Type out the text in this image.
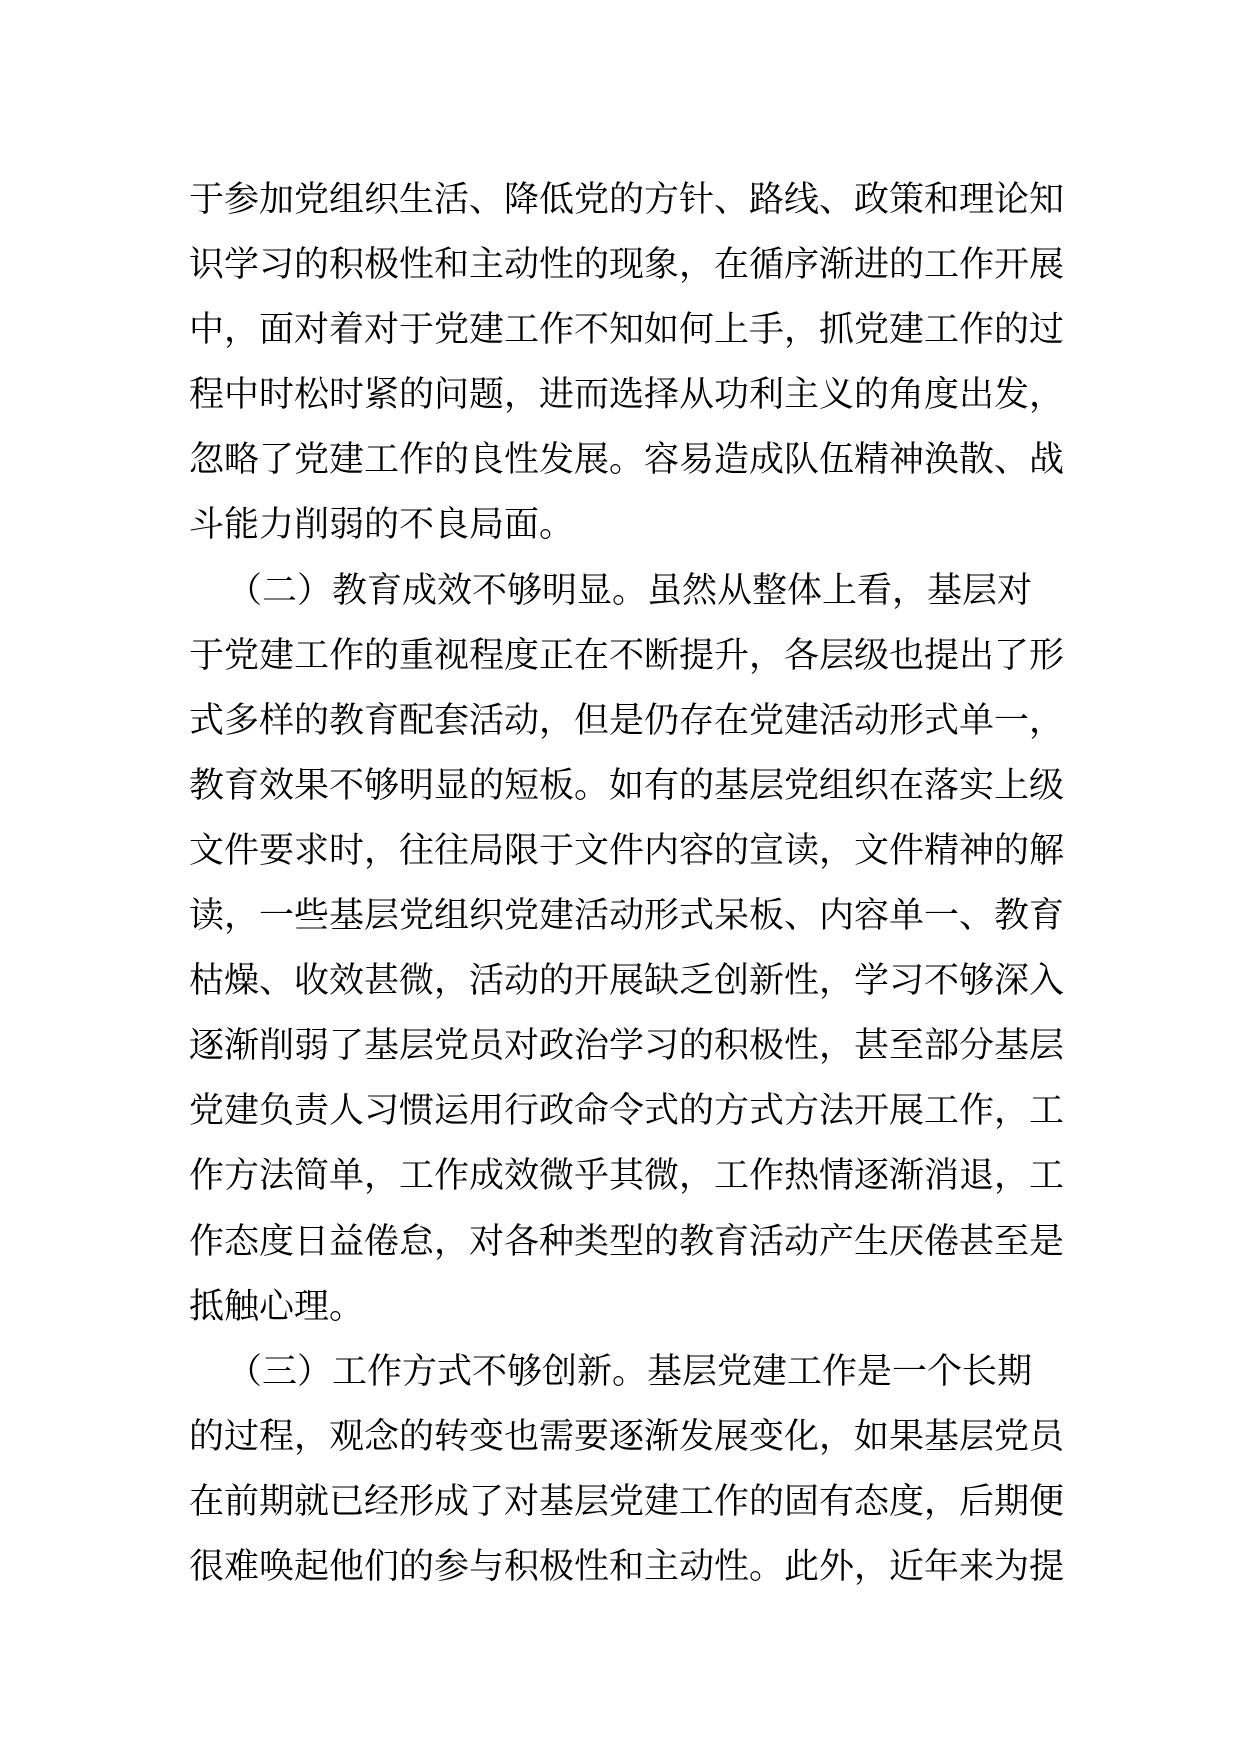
于参加党组织生活、降低党的方针、路线、政策和理论知
识学习的积极性和主动性的现象，在循序渐进的工作开展
中，面对着对于党建工作不知如何上手，抓党建工作的过
程中时松时紧的问题，进而选择从功利主义的角度出发，
忽略了党建工作的良性发展。容易造成队伍精神涣散、战
斗能力削弱的不良局面。
（二）教育成效不够明显。虽然从整体上看，基层对
于党建工作的重视程度正在不断提升，各层级也提出了形
式多样的教育配套活动，但是仍存在党建活动形式单一，
教育效果不够明显的短板。如有的基层党组织在落实上级
文件要求时，往往局限于文件内容的宣读，文件精神的解
读，一些基层党组织党建活动形式呆板、内容单一、教育
枯燥、收效甚微，活动的开展缺乏创新性，学习不够深入
逐渐削弱了基层党员对政治学习的积极性，甚至部分基层
党建负责人习惯运用行政命令式的方式方法开展工作，工
作方法简单，工作成效微乎其微，工作热情逐渐消退，工
作态度日益倦怠，对各种类型的教育活动产生厌倦甚至是
抵触心理。
（三）工作方式不够创新。基层党建工作是一个长期
的过程，观念的转变也需要逐渐发展变化，如果基层党员
在前期就已经形成了对基层党建工作的固有态度，后期便
很难唤起他们的参与积极性和主动性。此外，近年来为提
